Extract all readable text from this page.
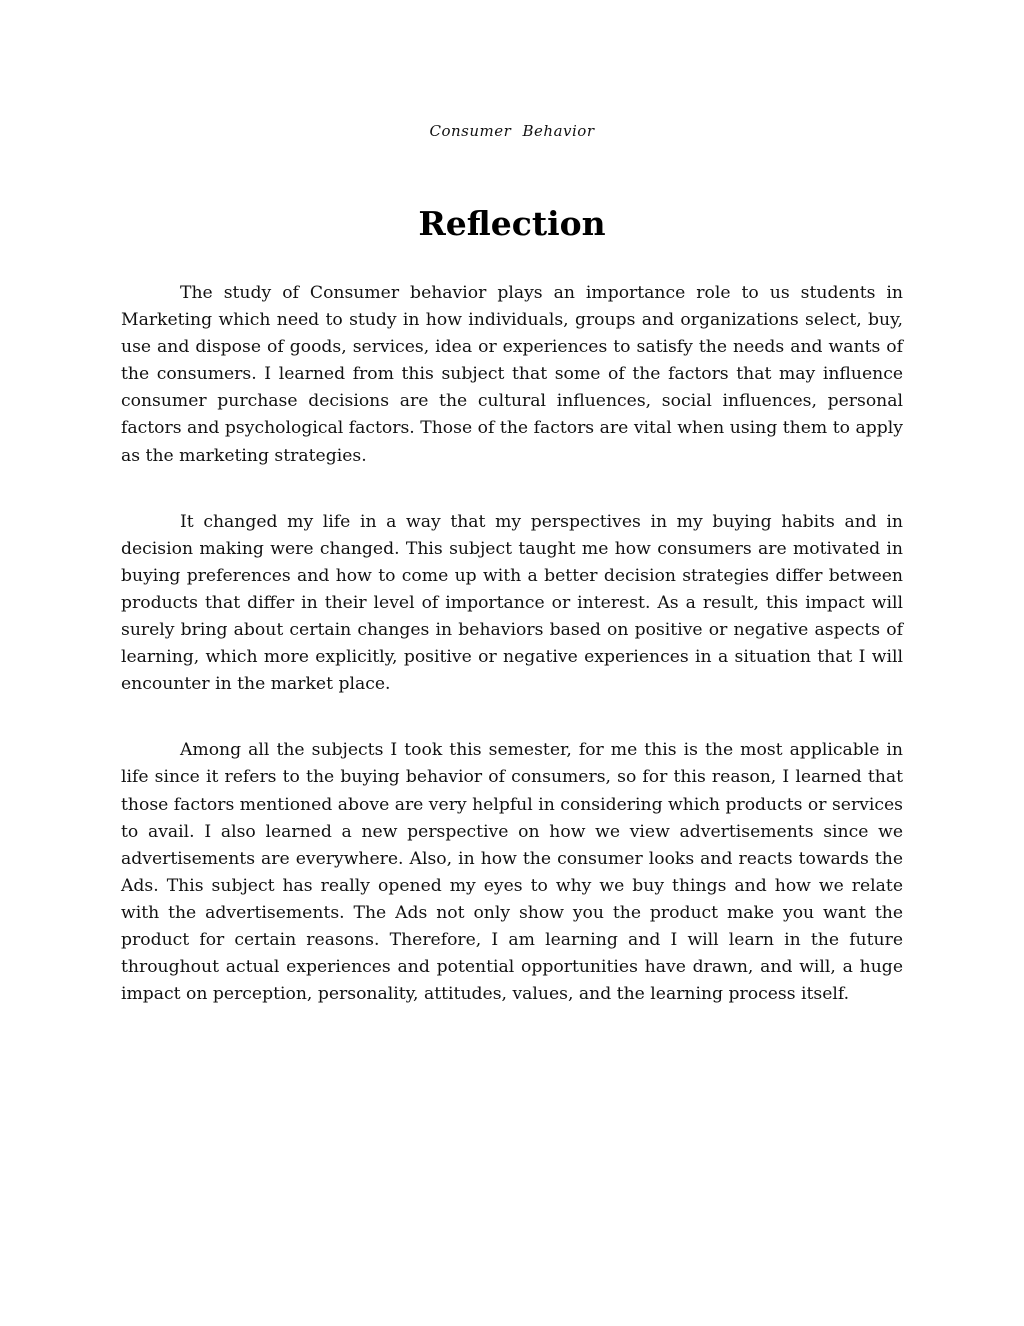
Consumer Behavior
Reflection

The study of Consumer behavior plays an importance role to us students in Marketing which need to study in how individuals, groups and organizations select, buy, use and dispose of goods, services, idea or experiences to satisfy the needs and wants of the consumers. I learned from this subject that some of the factors that may influence consumer purchase decisions are the cultural influences, social influences, personal factors and psychological factors. Those of the factors are vital when using them to apply as the marketing strategies.

It changed my life in a way that my perspectives in my buying habits and in decision making were changed. This subject taught me how consumers are motivated in buying preferences and how to come up with a better decision strategies differ between products that differ in their level of importance or interest. As a result, this impact will surely bring about certain changes in behaviors based on positive or negative aspects of learning, which more explicitly, positive or negative experiences in a situation that I will encounter in the market place.

Among all the subjects I took this semester, for me this is the most applicable in life since it refers to the buying behavior of consumers, so for this reason, I learned that those factors mentioned above are very helpful in considering which products or services to avail. I also learned a new perspective on how we view advertisements since we advertisements are everywhere. Also, in how the consumer looks and reacts towards the Ads. This subject has really opened my eyes to why we buy things and how we relate with the advertisements. The Ads not only show you the product make you want the product for certain reasons. Therefore, I am learning and I will learn in the future throughout actual experiences and potential opportunities have drawn, and will, a huge impact on perception, personality, attitudes, values, and the learning process itself.
